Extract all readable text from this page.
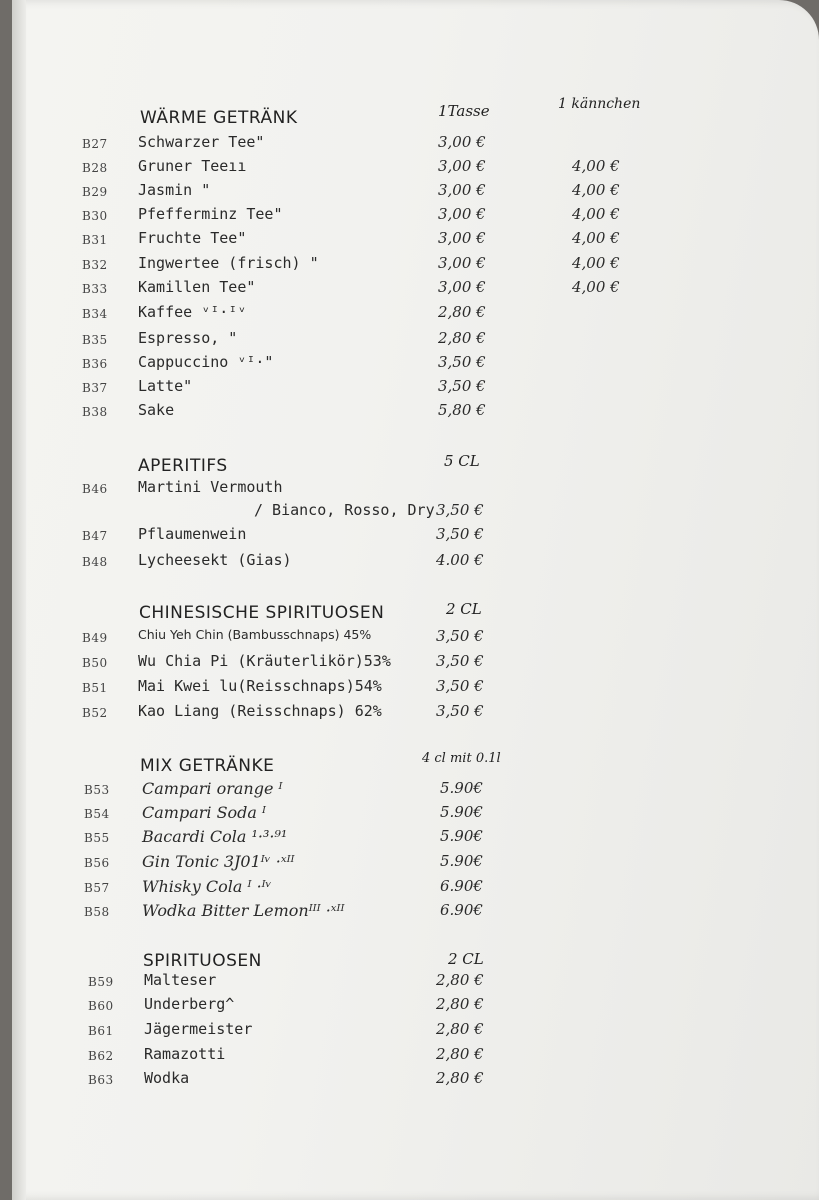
WÄRME GETRÄNK	1Tasse	1 kännchen
B27 Schwarzer Tee"	3,00 €
B28 Gruner Teeıı	3,00 €	4,00 €
B29 Jasmin "	3,00 €	4,00 €
B30 Pfefferminz Tee"	3,00 €	4,00 €
B31 Fruchte Tee"	3,00 €	4,00 €
B32 Ingwertee (frisch) "	3,00 €	4,00 €
B33 Kamillen Tee"	3,00 €	4,00 €
B34 Kaffee ᵛᴵ·ᴵᵛ	2,80 €
B35 Espresso, "	2,80 €
B36 Cappuccino ᵛᴵ·"	3,50 €
B37 Latte"	3,50 €
B38 Sake	5,80 €
APERITIFS	5 CL
B46 Martini Vermouth
/ Bianco, Rosso, Dry 3,50 €
B47 Pflaumenwein	3,50 €
B48 Lycheesekt (Gias)	4.00 €
CHINESISCHE SPIRITUOSEN	2 CL
B49 Chiu Yeh Chin (Bambusschnaps) 45%	3,50 €
B50 Wu Chia Pi (Kräuterlikör)53%	3,50 €
B51 Mai Kwei lu(Reisschnaps)54%	3,50 €
B52 Kao Liang (Reisschnaps) 62%	3,50 €
MIX GETRÄNKE	4 cl mit 0.1l
B53 Campari orange ᴵ	5.90€
B54 Campari Soda ᴵ	5.90€
B55 Bacardi Cola ¹·³·⁹¹	5.90€
B56 Gin Tonic 3J01ᴵᵛ ·ˣᴵᴵ	5.90€
B57 Whisky Cola ᴵ ·ᴵᵛ	6.90€
B58 Wodka Bitter Lemonᴵᴵᴵ ·ˣᴵᴵ	6.90€
SPIRITUOSEN	2 CL
B59 Malteser	2,80 €
B60 Underberg^	2,80 €
B61 Jägermeister	2,80 €
B62 Ramazotti	2,80 €
B63 Wodka	2,80 €
